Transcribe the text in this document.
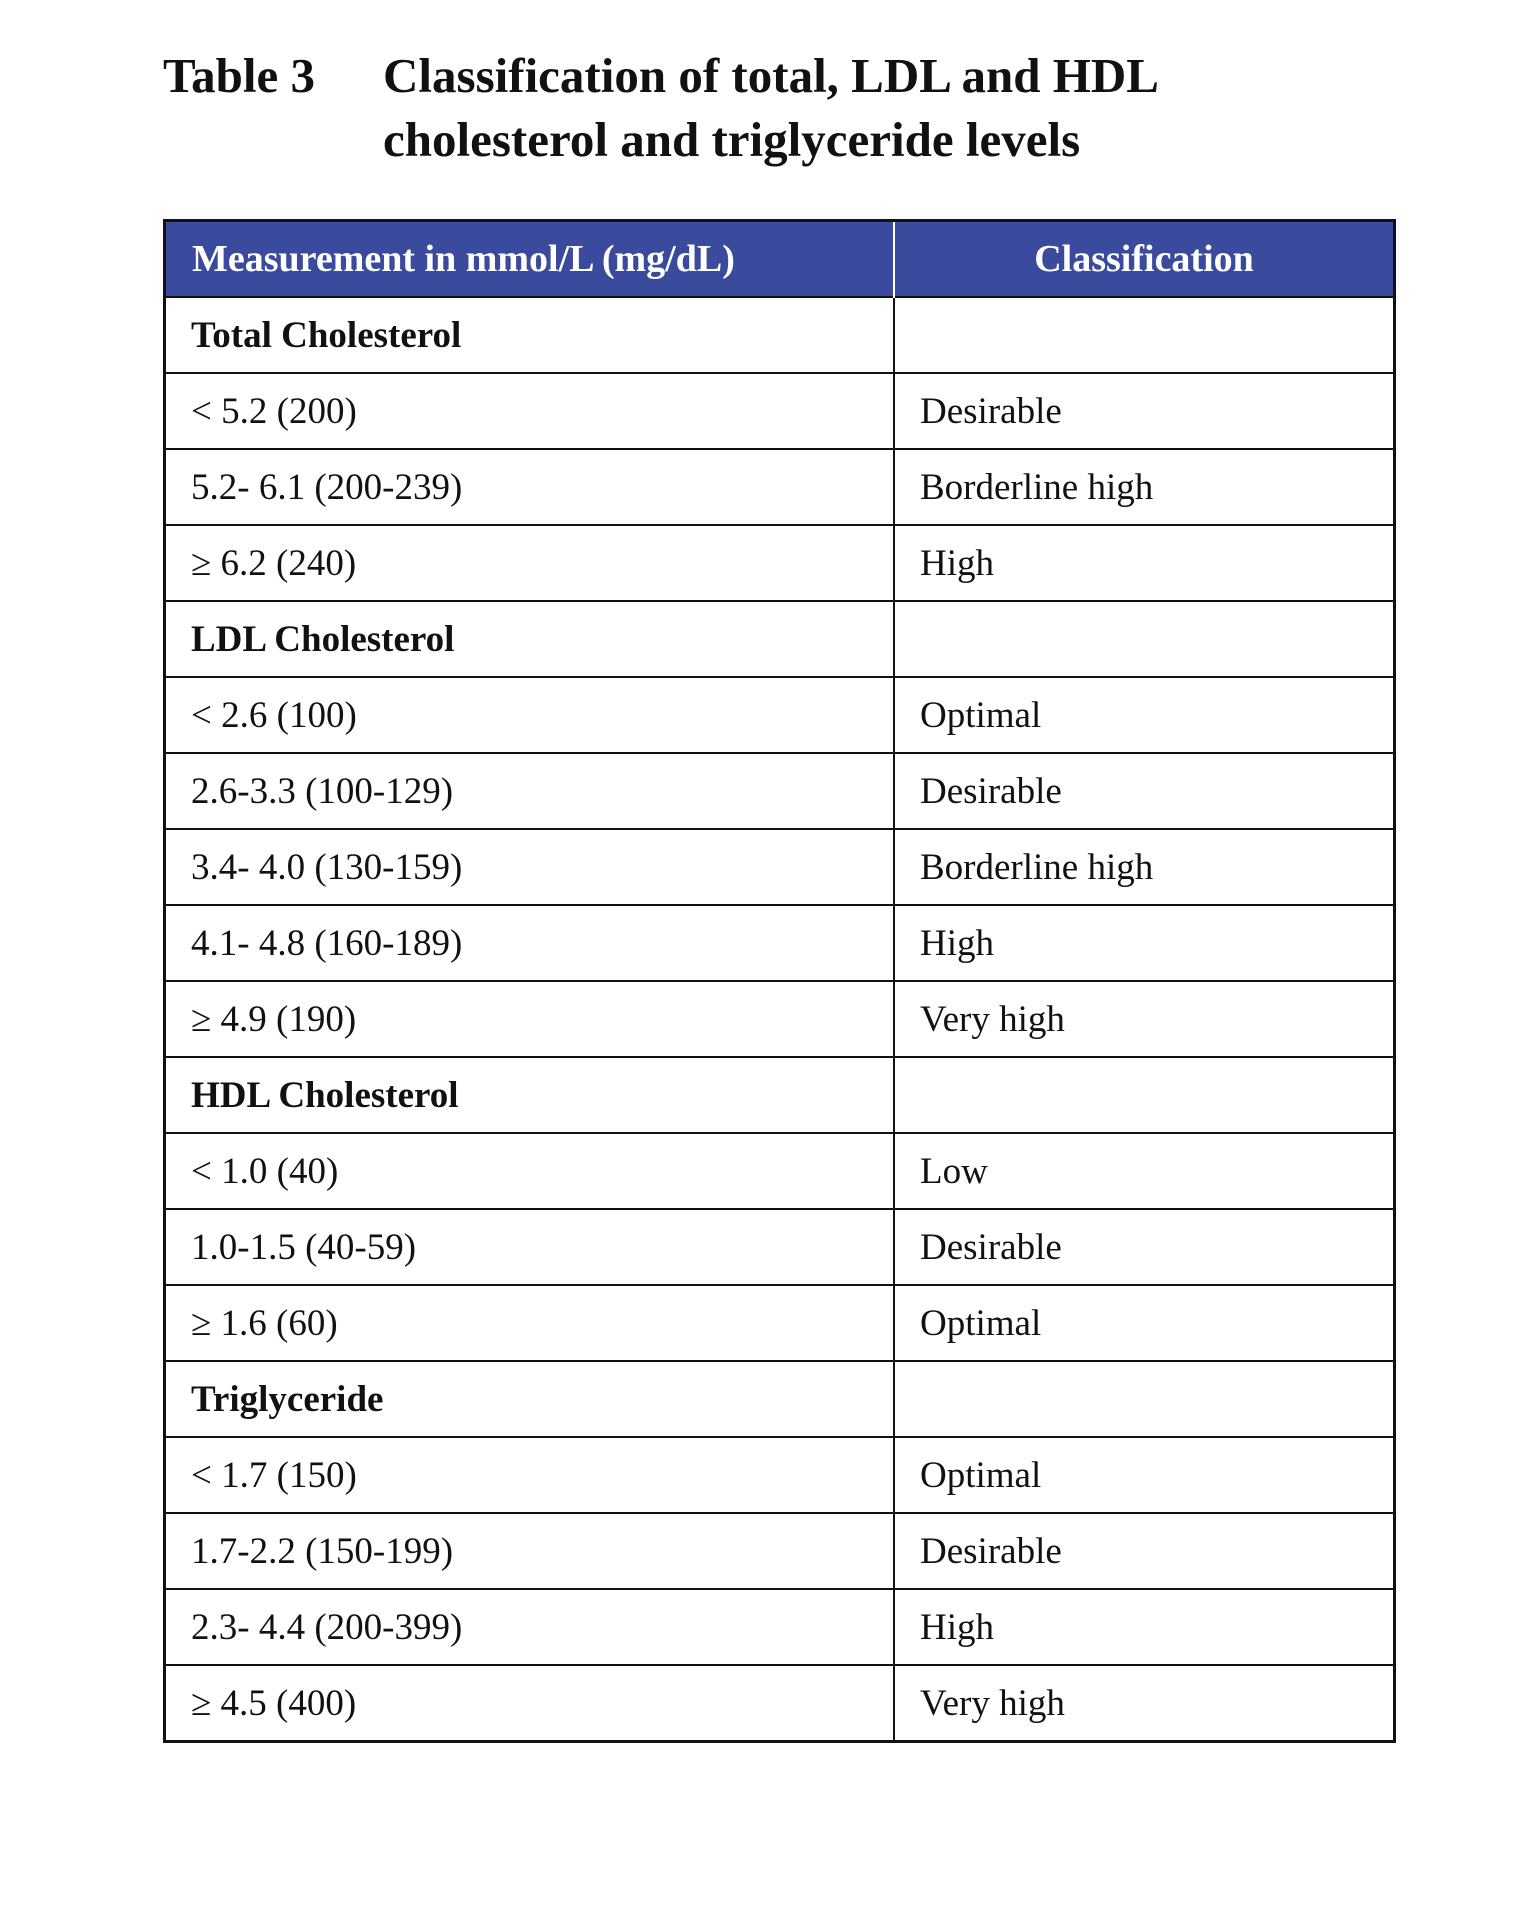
Table 3 Classification of total, LDL and HDL cholesterol and triglyceride levels
Measurement in mmol/L (mg/dL)	Classification
Total Cholesterol	
< 5.2 (200)	Desirable
5.2- 6.1 (200-239)	Borderline high
≥ 6.2 (240)	High
LDL Cholesterol	
< 2.6 (100)	Optimal
2.6-3.3 (100-129)	Desirable
3.4- 4.0 (130-159)	Borderline high
4.1- 4.8 (160-189)	High
≥ 4.9 (190)	Very high
HDL Cholesterol	
< 1.0 (40)	Low
1.0-1.5 (40-59)	Desirable
≥ 1.6 (60)	Optimal
Triglyceride	
< 1.7 (150)	Optimal
1.7-2.2 (150-199)	Desirable
2.3- 4.4 (200-399)	High
≥ 4.5 (400)	Very high
